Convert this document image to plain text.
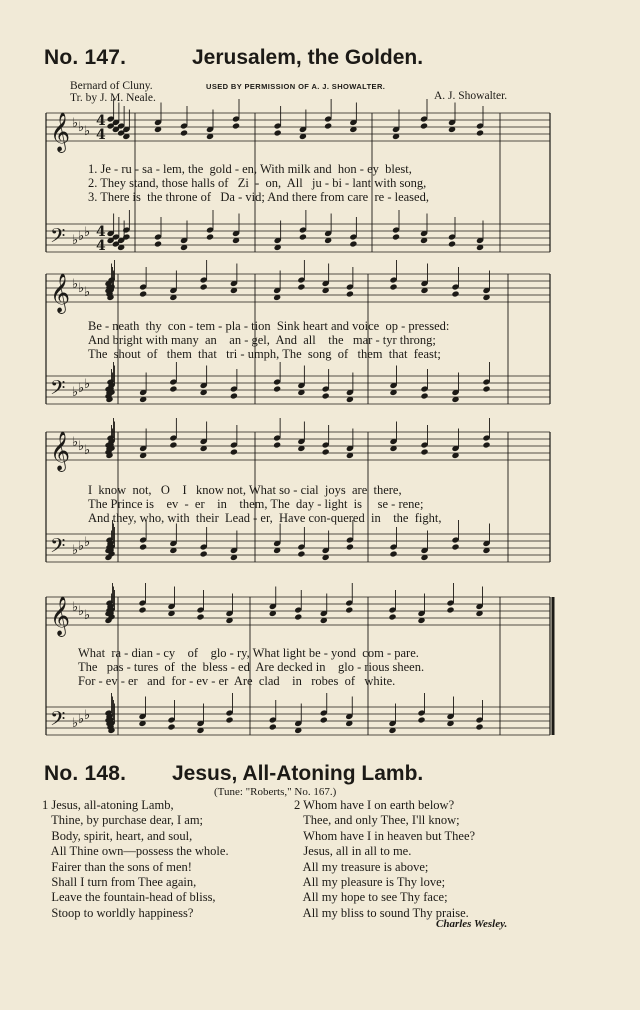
No. 147.	Jerusalem, the Golden.
Bernard of Cluny.
Tr. by J. M. Neale.
USED BY PERMISSION OF A. J. SHOWALTER.
A. J. Showalter.
𝄞 ♭ ♭ ♭
𝄢 ♭ ♭ ♭
𝄞 ♭ ♭ ♭
𝄢 ♭ ♭ ♭
𝄞 ♭ ♭ ♭
𝄢 ♭ ♭ ♭
𝄞 ♭ ♭ ♭
𝄢 ♭ ♭ ♭
4
4
4
4
1. Je - ru - sa - lem, the  gold - en, With milk and  hon - ey  blest,
2. They stand, those halls of   Zi  -  on,  All   ju - bi - lant with song,
3. There is  the throne of   Da - vid; And there from care  re - leased,
Be - neath  thy  con - tem - pla - tion  Sink heart and voice  op - pressed:
And bright with many  an    an - gel,  And  all    the   mar - tyr throng;
The  shout  of   them  that   tri - umph, The  song  of   them  that  feast;
I  know  not,   O    I   know not, What so - cial  joys  are  there,
The Prince is    ev  -  er    in    them, The  day - light  is     se - rene;
And they, who, with  their  Lead - er,  Have con-quered  in    the  fight,
What  ra - dian - cy    of    glo - ry, What light be - yond  com - pare.
The   pas - tures  of  the  bless - ed  Are decked in    glo - rious sheen.
For - ev - er   and  for - ev - er  Are  clad    in   robes  of   white.
No. 148. Jesus, All-Atoning Lamb.
(Tune: "Roberts," No. 167.)
1 Jesus, all-atoning Lamb,
Thine, by purchase dear, I am;
Body, spirit, heart, and soul,
All Thine own—possess the whole.
Fairer than the sons of men!
Shall I turn from Thee again,
Leave the fountain-head of bliss,
Stoop to worldly happiness?
2 Whom have I on earth below?
Thee, and only Thee, I'll know;
Whom have I in heaven but Thee?
Jesus, all in all to me.
All my treasure is above;
All my pleasure is Thy love;
All my hope to see Thy face;
All my bliss to sound Thy praise.
Charles Wesley.
